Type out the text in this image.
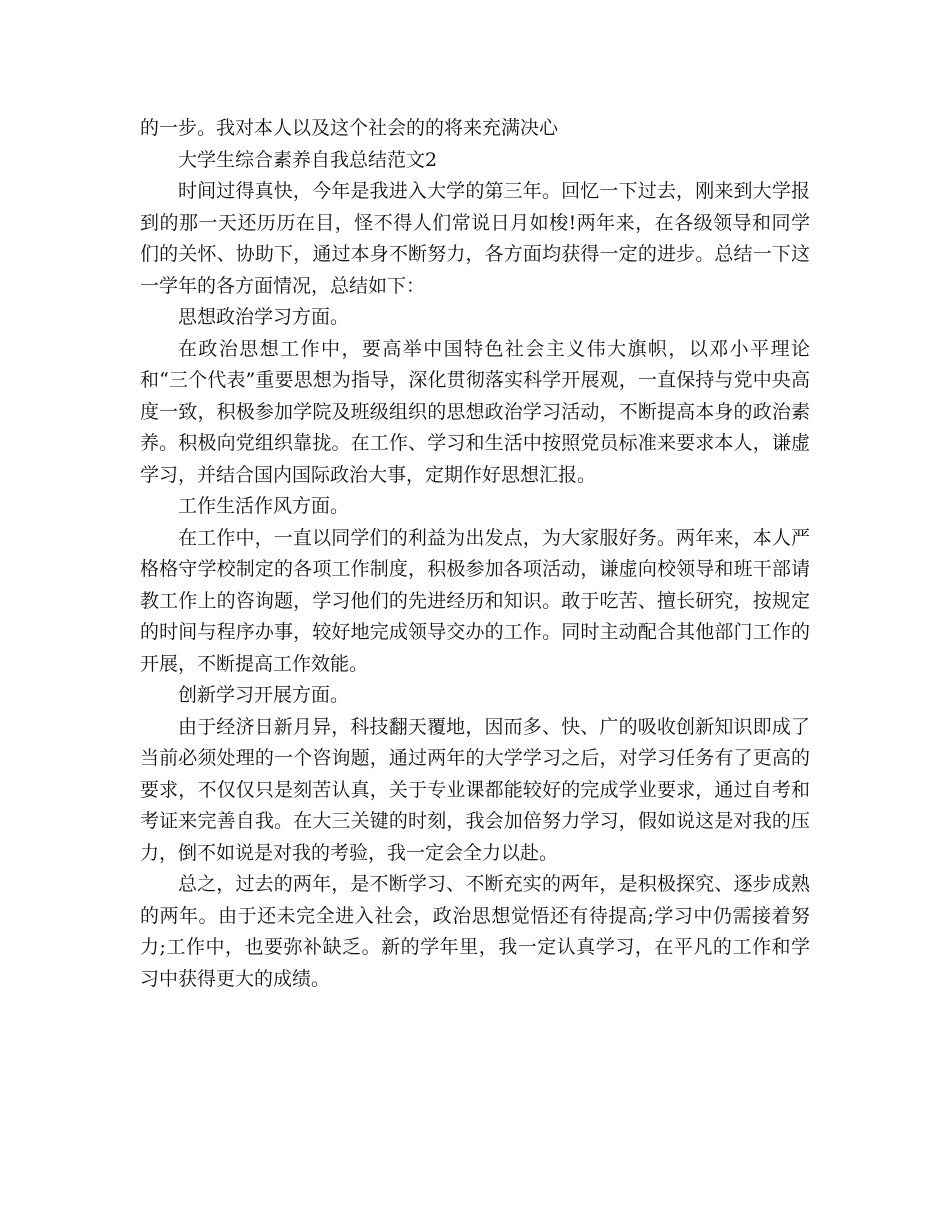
的一步。我对本人以及这个社会的的将来充满决心

大学生综合素养自我总结范文2

时间过得真快，今年是我进入大学的第三年。回忆一下过去，刚来到大学报到的那一天还历历在目，怪不得人们常说日月如梭!两年来，在各级领导和同学们的关怀、协助下，通过本身不断努力，各方面均获得一定的进步。总结一下这一学年的各方面情况，总结如下：

思想政治学习方面。

在政治思想工作中，要高举中国特色社会主义伟大旗帜，以邓小平理论和“三个代表”重要思想为指导，深化贯彻落实科学开展观，一直保持与党中央高度一致，积极参加学院及班级组织的思想政治学习活动，不断提高本身的政治素养。积极向党组织靠拢。在工作、学习和生活中按照党员标准来要求本人，谦虚学习，并结合国内国际政治大事，定期作好思想汇报。

工作生活作风方面。

在工作中，一直以同学们的利益为出发点，为大家服好务。两年来，本人严格格守学校制定的各项工作制度，积极参加各项活动，谦虚向校领导和班干部请教工作上的咨询题，学习他们的先进经历和知识。敢于吃苦、擅长研究，按规定的时间与程序办事，较好地完成领导交办的工作。同时主动配合其他部门工作的开展，不断提高工作效能。

创新学习开展方面。

由于经济日新月异，科技翻天覆地，因而多、快、广的吸收创新知识即成了当前必须处理的一个咨询题，通过两年的大学学习之后，对学习任务有了更高的要求，不仅仅只是刻苦认真，关于专业课都能较好的完成学业要求，通过自考和考证来完善自我。在大三关键的时刻，我会加倍努力学习，假如说这是对我的压力，倒不如说是对我的考验，我一定会全力以赴。

总之，过去的两年，是不断学习、不断充实的两年，是积极探究、逐步成熟的两年。由于还未完全进入社会，政治思想觉悟还有待提高;学习中仍需接着努力;工作中，也要弥补缺乏。新的学年里，我一定认真学习，在平凡的工作和学习中获得更大的成绩。
